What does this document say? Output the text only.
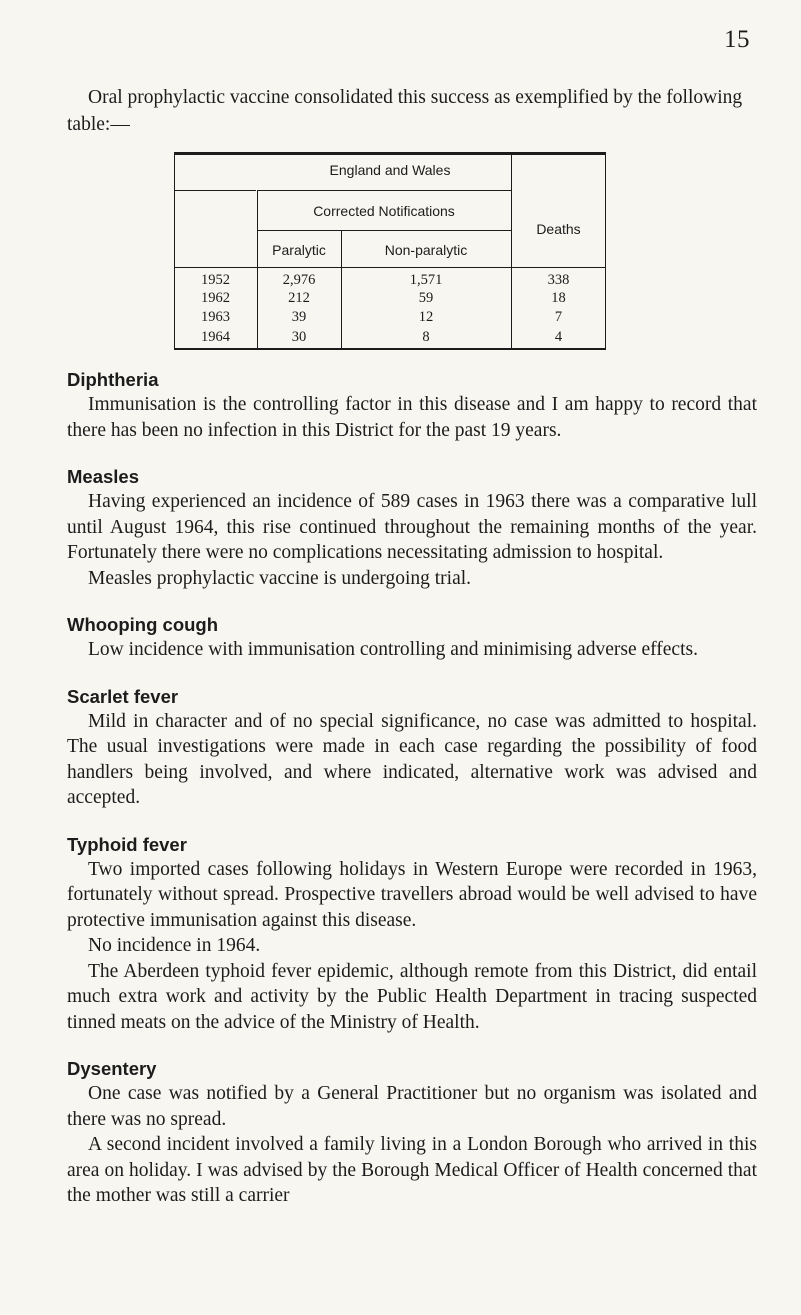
15

Oral prophylactic vaccine consolidated this success as exemplified by the following table:—

England and Wales
Corrected Notifications
Deaths
Paralytic	Non-paralytic
1952	2,976	1,571	338
1962	212	59	18
1963	39	12	7
1964	30	8	4
Diphtheria

Immunisation is the controlling factor in this disease and I am happy to record that there has been no infection in this District for the past 19 years.

Measles

Having experienced an incidence of 589 cases in 1963 there was a comparative lull until August 1964, this rise continued throughout the remaining months of the year. Fortunately there were no complications necessitating admission to hospital.

Measles prophylactic vaccine is undergoing trial.

Whooping cough

Low incidence with immunisation controlling and minimising adverse effects.

Scarlet fever

Mild in character and of no special significance, no case was admitted to hospital. The usual investigations were made in each case regarding the possibility of food handlers being involved, and where indicated, alternative work was advised and accepted.

Typhoid fever

Two imported cases following holidays in Western Europe were recorded in 1963, fortunately without spread. Prospective travellers abroad would be well advised to have protective immunisation against this disease.

No incidence in 1964.

The Aberdeen typhoid fever epidemic, although remote from this District, did entail much extra work and activity by the Public Health Department in tracing suspected tinned meats on the advice of the Ministry of Health.

Dysentery

One case was notified by a General Practitioner but no organism was isolated and there was no spread.

A second incident involved a family living in a London Borough who arrived in this area on holiday. I was advised by the Borough Medical Officer of Health concerned that the mother was still a carrier
